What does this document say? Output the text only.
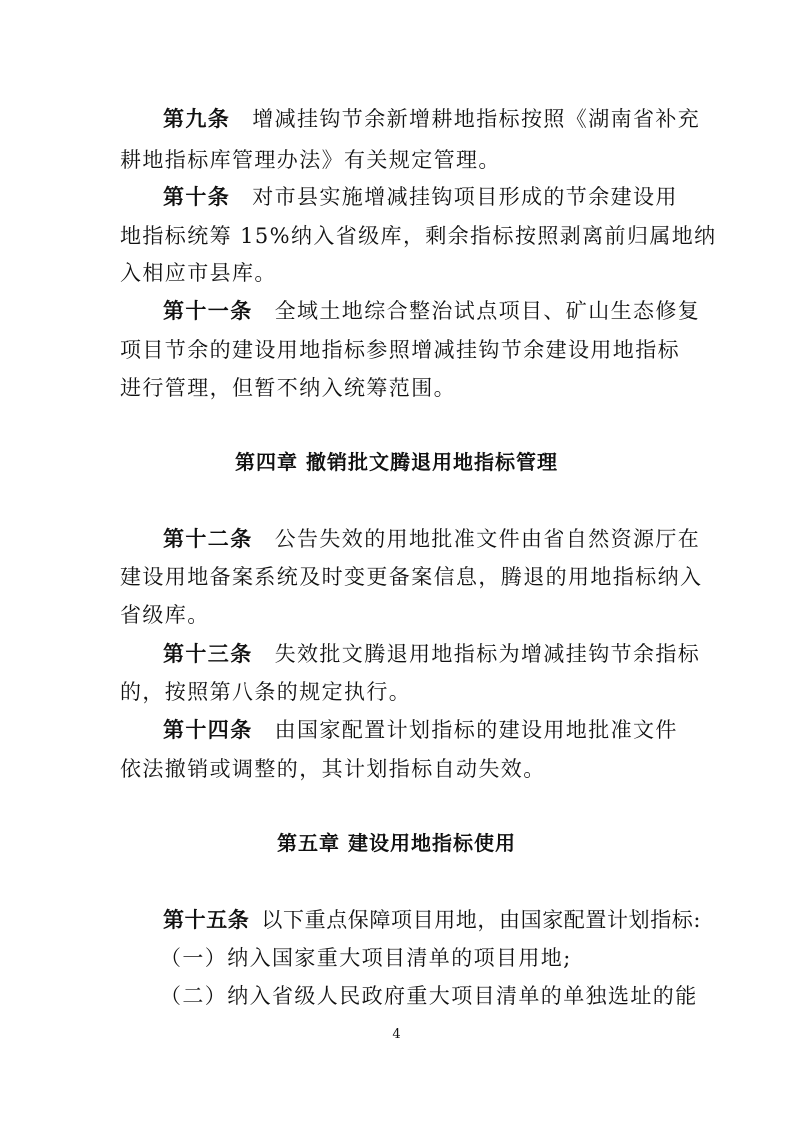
第九条 增减挂钩节余新增耕地指标按照《湖南省补充
耕地指标库管理办法》有关规定管理。
第十条 对市县实施增减挂钩项目形成的节余建设用
地指标统筹 15%纳入省级库，剩余指标按照剥离前归属地纳
入相应市县库。
第十一条 全域土地综合整治试点项目、矿山生态修复
项目节余的建设用地指标参照增减挂钩节余建设用地指标
进行管理，但暂不纳入统筹范围。
第四章 撤销批文腾退用地指标管理
第十二条 公告失效的用地批准文件由省自然资源厅在
建设用地备案系统及时变更备案信息，腾退的用地指标纳入
省级库。
第十三条 失效批文腾退用地指标为增减挂钩节余指标
的，按照第八条的规定执行。
第十四条 由国家配置计划指标的建设用地批准文件
依法撤销或调整的，其计划指标自动失效。
第五章 建设用地指标使用
第十五条 以下重点保障项目用地，由国家配置计划指标:
（一）纳入国家重大项目清单的项目用地;
（二）纳入省级人民政府重大项目清单的单独选址的能
4
